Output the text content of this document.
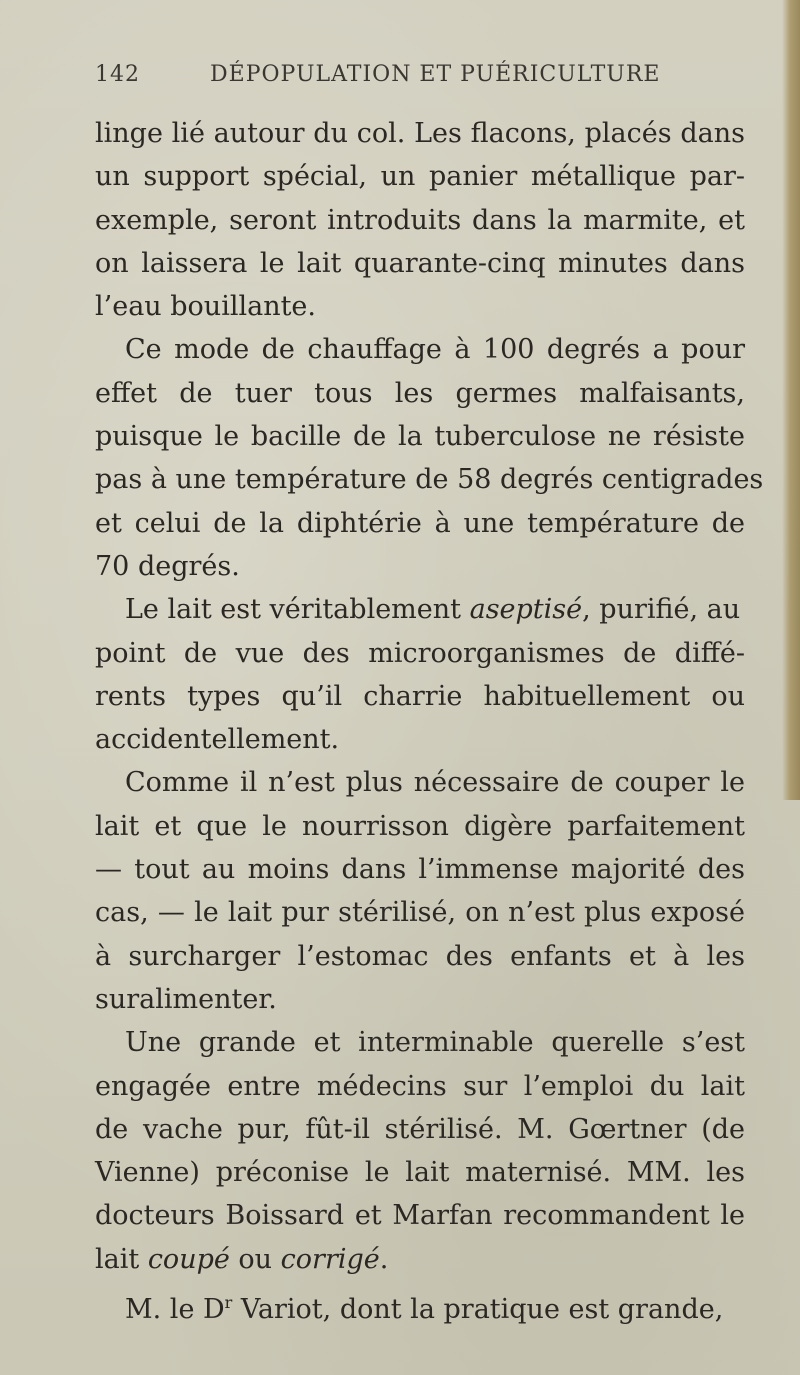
142	DÉPOPULATION ET PUÉRICULTURE
linge lié autour du col. Les flacons, placés dans
un support spécial, un panier métallique par-
exemple, seront introduits dans la marmite, et
on laissera le lait quarante-cinq minutes dans
l’eau bouillante.
Ce mode de chauffage à 100 degrés a pour
effet de tuer tous les germes malfaisants,
puisque le bacille de la tuberculose ne résiste
pas à une température de 58 degrés centigrades
et celui de la diphtérie à une température de
70 degrés.
Le lait est véritablement aseptisé, purifié, au
point de vue des microorganismes de diffé-
rents types qu’il charrie habituellement ou
accidentellement.
Comme il n’est plus nécessaire de couper le
lait et que le nourrisson digère parfaitement
— tout au moins dans l’immense majorité des
cas, — le lait pur stérilisé, on n’est plus exposé
à surcharger l’estomac des enfants et à les
suralimenter.
Une grande et interminable querelle s’est
engagée entre médecins sur l’emploi du lait
de vache pur, fût-il stérilisé. M. Gœrtner (de
Vienne) préconise le lait maternisé. MM. les
docteurs Boissard et Marfan recommandent le
lait coupé ou corrigé.
M. le $D^r$ Variot, dont la pratique est grande,
